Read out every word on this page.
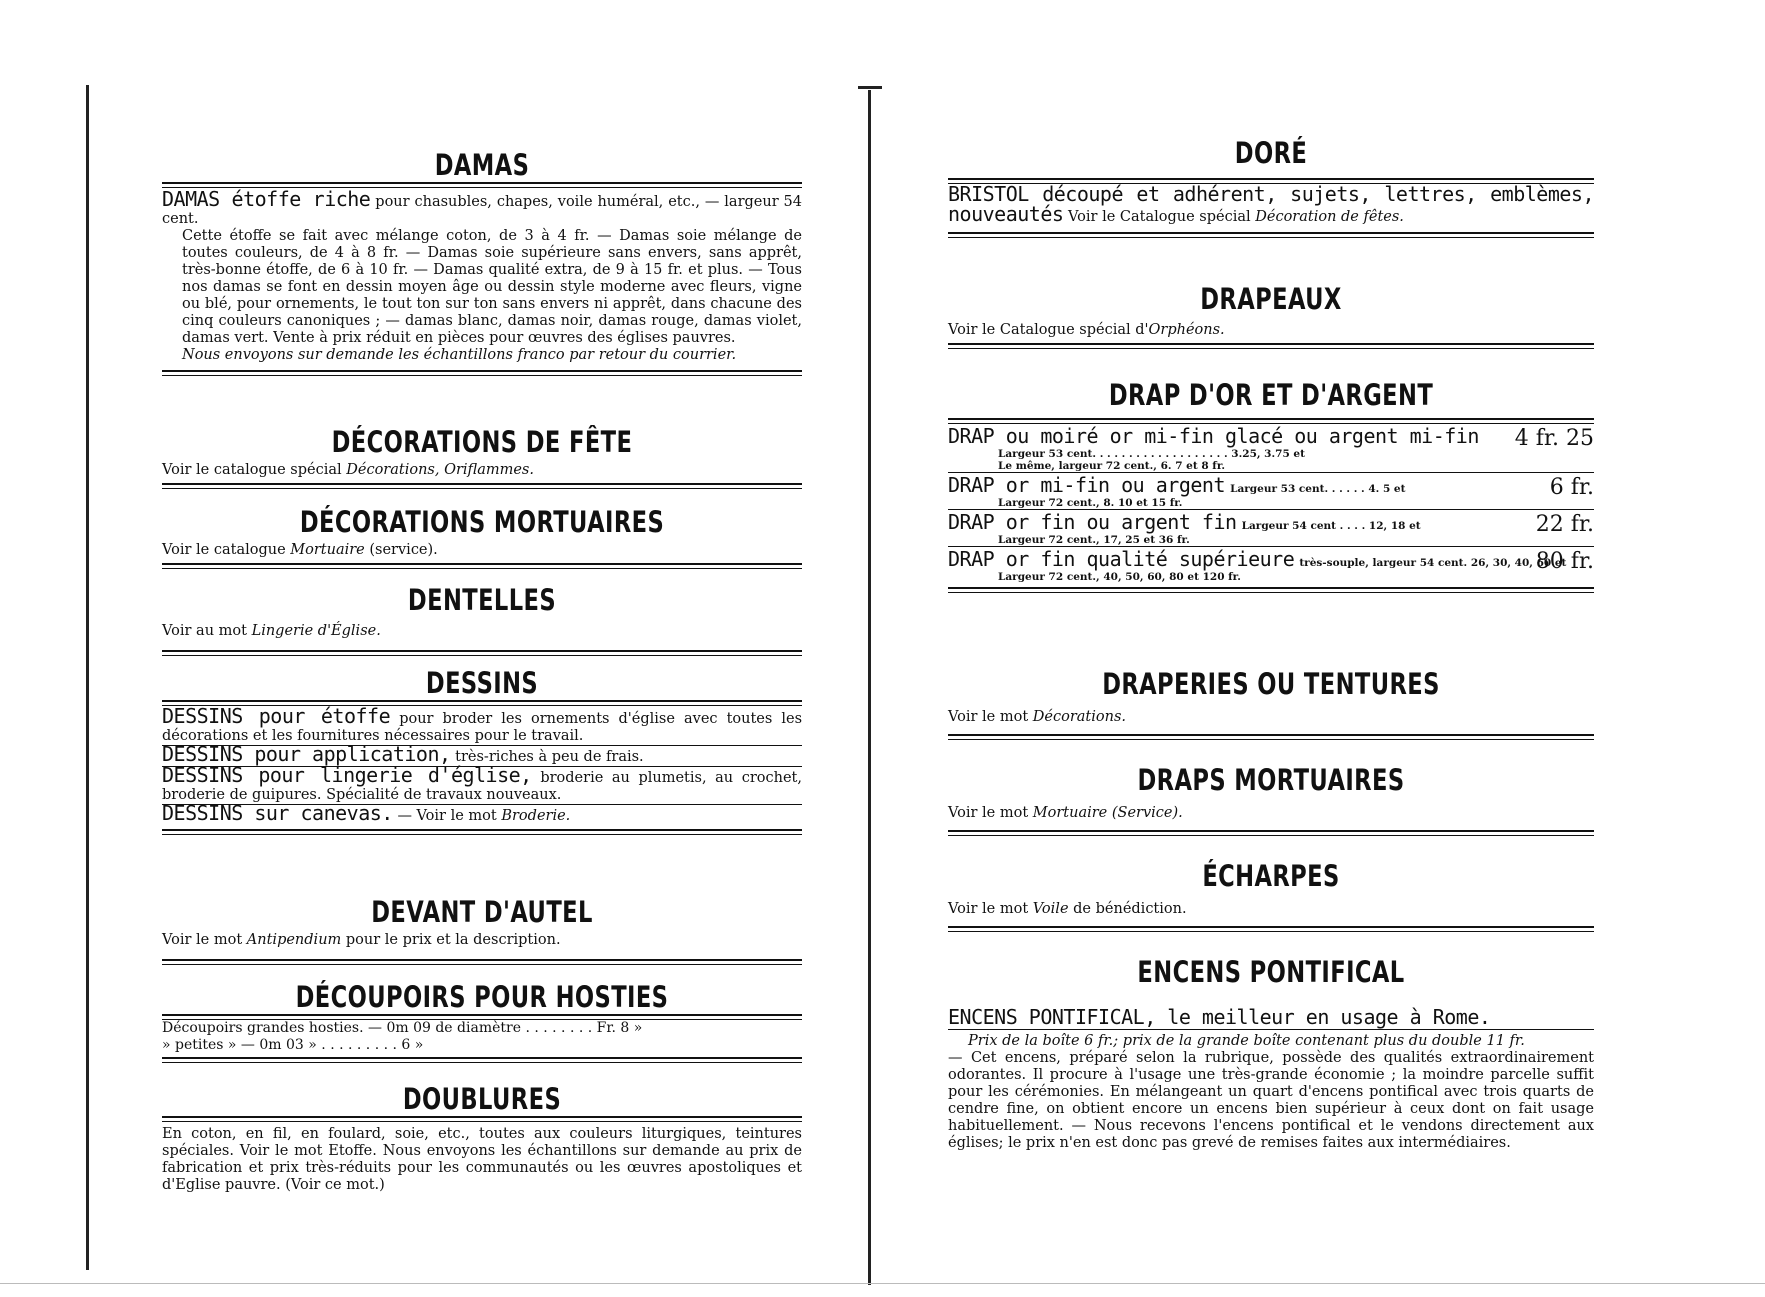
DAMAS
DAMAS étoffe riche pour chasubles, chapes, voile huméral, etc., — largeur 54 cent.
Cette étoffe se fait avec mélange coton, de 3 à 4 fr. — Damas soie mélange de toutes couleurs, de 4 à 8 fr. — Damas soie supérieure sans envers, sans apprêt, très-bonne étoffe, de 6 à 10 fr. — Damas qualité extra, de 9 à 15 fr. et plus. — Tous nos damas se font en dessin moyen âge ou dessin style moderne avec fleurs, vigne ou blé, pour ornements, le tout ton sur ton sans envers ni apprêt, dans chacune des cinq couleurs canoniques ; — damas blanc, damas noir, damas rouge, damas violet, damas vert. Vente à prix réduit en pièces pour œuvres des églises pauvres.
Nous envoyons sur demande les échantillons franco par retour du courrier.
DÉCORATIONS DE FÊTE
Voir le catalogue spécial Décorations, Oriflammes.
DÉCORATIONS MORTUAIRES
Voir le catalogue Mortuaire (service).
DENTELLES
Voir au mot Lingerie d'Église.
DESSINS
DESSINS pour étoffe pour broder les ornements d'église avec toutes les décorations et les fournitures nécessaires pour le travail.
DESSINS pour application, très-riches à peu de frais.
DESSINS pour lingerie d'église, broderie au plumetis, au crochet, broderie de guipures. Spécialité de travaux nouveaux.
DESSINS sur canevas. — Voir le mot Broderie.
DEVANT D'AUTEL
Voir le mot Antipendium pour le prix et la description.
DÉCOUPOIRS POUR HOSTIES
Découpoirs grandes hosties. — 0m 09 de diamètre . . . . . . . . Fr. 8 »
» petites » — 0m 03 » . . . . . . . . . 6 »
DOUBLURES
En coton, en fil, en foulard, soie, etc., toutes aux couleurs liturgiques, teintures spéciales. Voir le mot Etoffe. Nous envoyons les échantillons sur demande au prix de fabrication et prix très-réduits pour les communautés ou les œuvres apostoliques et d'Eglise pauvre. (Voir ce mot.)
DORÉ
BRISTOL découpé et adhérent, sujets, lettres, emblèmes, nouveautés Voir le Catalogue spécial Décoration de fêtes.
DRAPEAUX
Voir le Catalogue spécial d'Orphéons.
DRAP D'OR ET D'ARGENT
DRAP ou moiré or mi-fin glacé ou argent mi-fin
Largeur 53 cent. . . . . . . . . . . . . . . . . . . 3.25, 3.75 et
Le même, largeur 72 cent., 6. 7 et 8 fr.
4 fr. 25
DRAP or mi-fin ou argent Largeur 53 cent. . . . . . 4. 5 et
Largeur 72 cent., 8. 10 et 15 fr.
6 fr.
DRAP or fin ou argent fin Largeur 54 cent . . . . 12, 18 et
Largeur 72 cent., 17, 25 et 36 fr.
22 fr.
DRAP or fin qualité supérieure très-souple, largeur 54 cent. 26, 30, 40, 60 et
Largeur 72 cent., 40, 50, 60, 80 et 120 fr.
80 fr.
DRAPERIES OU TENTURES
Voir le mot Décorations.
DRAPS MORTUAIRES
Voir le mot Mortuaire (Service).
ÉCHARPES
Voir le mot Voile de bénédiction.
ENCENS PONTIFICAL
ENCENS PONTIFICAL, le meilleur en usage à Rome.
Prix de la boîte 6 fr.; prix de la grande boîte contenant plus du double 11 fr.
— Cet encens, préparé selon la rubrique, possède des qualités extraordinairement odorantes. Il procure à l'usage une très-grande économie ; la moindre parcelle suffit pour les cérémonies. En mélangeant un quart d'encens pontifical avec trois quarts de cendre fine, on obtient encore un encens bien supérieur à ceux dont on fait usage habituellement. — Nous recevons l'encens pontifical et le vendons directement aux églises; le prix n'en est donc pas grevé de remises faites aux intermédiaires.
